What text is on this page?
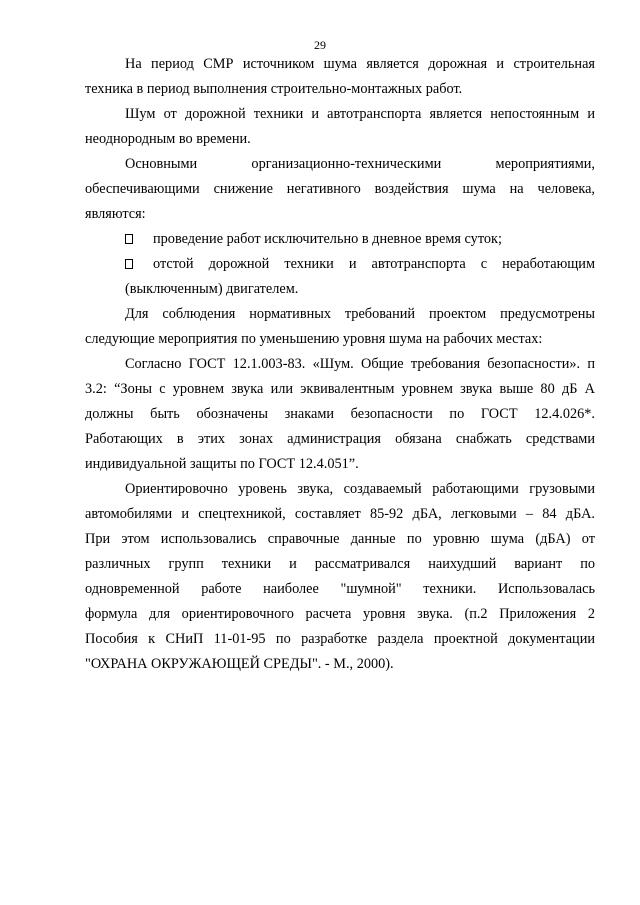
29

На период СМР источником шума является дорожная и строительная
техника в период выполнения строительно-монтажных работ.

Шум от дорожной техники и автотранспорта является непостоянным и
неоднородным во времени.

Основными организационно-техническими мероприятиями,
обеспечивающими снижение негативного воздействия шума на человека,
являются:

проведение работ исключительно в дневное время суток;

отстой дорожной техники и автотранспорта с неработающим

(выключенным) двигателем.

Для соблюдения нормативных требований проектом предусмотрены
следующие мероприятия по уменьшению уровня шума на рабочих местах:

Согласно ГОСТ 12.1.003-83. «Шум. Общие требования безопасности». п
3.2: “Зоны с уровнем звука или эквивалентным уровнем звука выше 80 дБ А
должны быть обозначены знаками безопасности по ГОСТ 12.4.026*.
Работающих в этих зонах администрация обязана снабжать средствами
индивидуальной защиты по ГОСТ 12.4.051”.

Ориентировочно уровень звука, создаваемый работающими грузовыми
автомобилями и спецтехникой, составляет 85-92 дБА, легковыми – 84 дБА.
При этом использовались справочные данные по уровню шума (дБА) от
различных групп техники и рассматривался наихудший вариант по
одновременной работе наиболее "шумной" техники. Использовалась
формула для ориентировочного расчета уровня звука. (п.2 Приложения 2
Пособия к СНиП 11-01-95 по разработке раздела проектной документации
"ОХРАНА ОКРУЖАЮЩЕЙ СРЕДЫ". - М., 2000).
